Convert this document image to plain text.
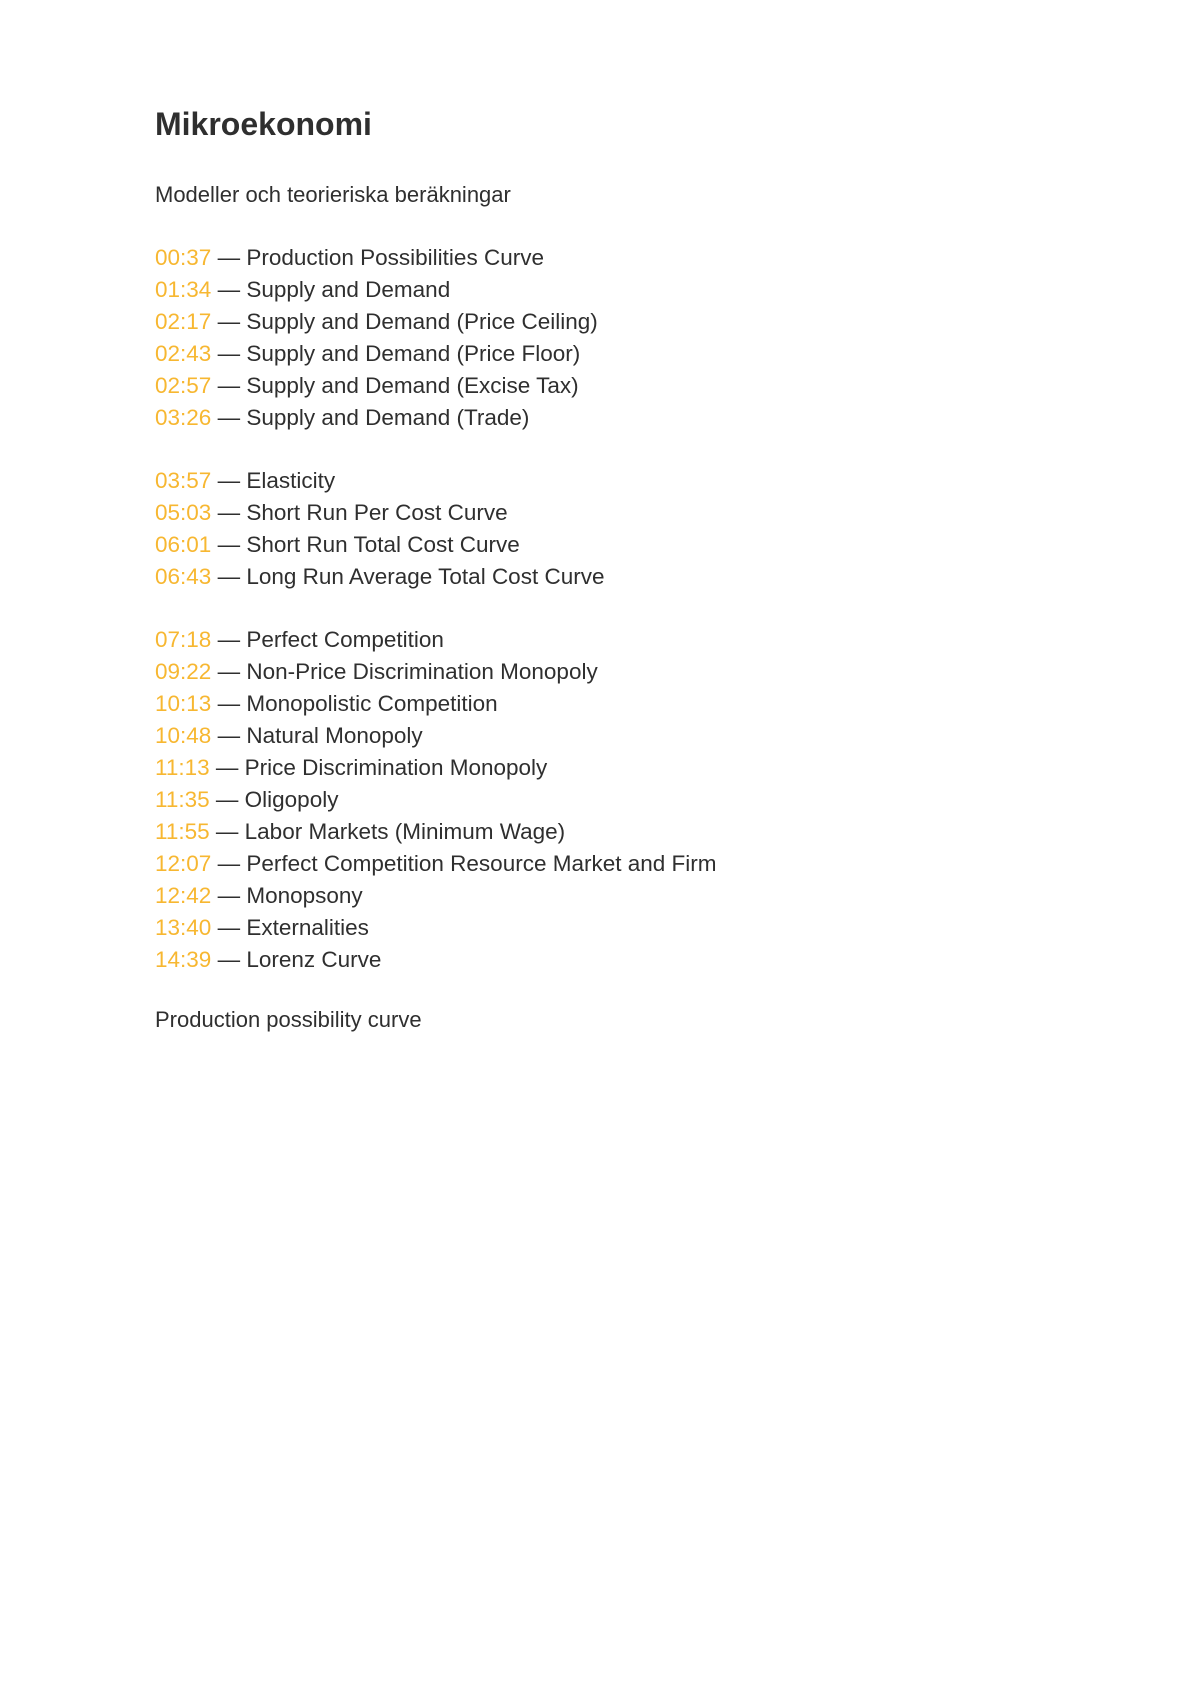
Mikroekonomi
Modeller och teorieriska beräkningar
00:37 — Production Possibilities Curve
01:34 — Supply and Demand
02:17 — Supply and Demand (Price Ceiling)
02:43 — Supply and Demand (Price Floor)
02:57 — Supply and Demand (Excise Tax)
03:26 — Supply and Demand (Trade)
03:57 — Elasticity
05:03 — Short Run Per Cost Curve
06:01 — Short Run Total Cost Curve
06:43 — Long Run Average Total Cost Curve
07:18 — Perfect Competition
09:22 — Non-Price Discrimination Monopoly
10:13 — Monopolistic Competition
10:48 — Natural Monopoly
11:13 — Price Discrimination Monopoly
11:35 — Oligopoly
11:55 — Labor Markets (Minimum Wage)
12:07 — Perfect Competition Resource Market and Firm
12:42 — Monopsony
13:40 — Externalities
14:39 — Lorenz Curve
Production possibility curve
